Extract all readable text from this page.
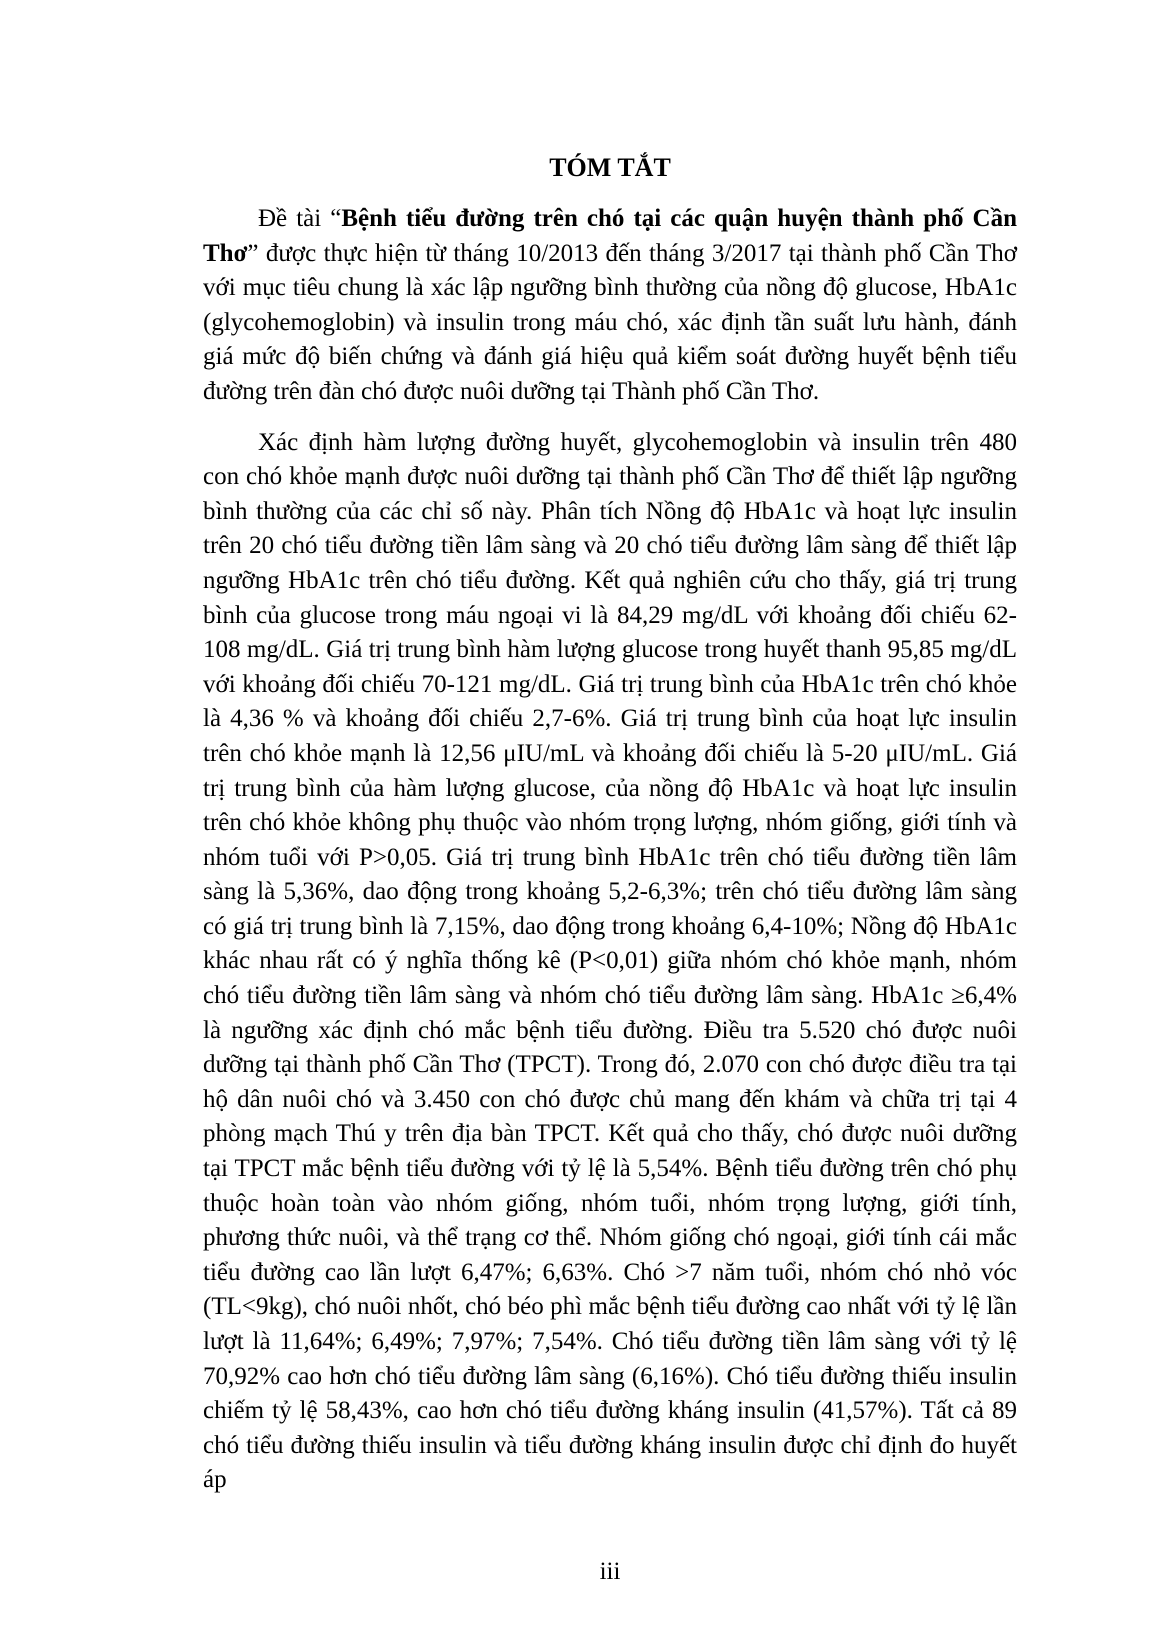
TÓM TẮT

Đề tài “Bệnh tiểu đường trên chó tại các quận huyện thành phố Cần Thơ” được thực hiện từ tháng 10/2013 đến tháng 3/2017 tại thành phố Cần Thơ với mục tiêu chung là xác lập ngưỡng bình thường của nồng độ glucose, HbA1c (glycohemoglobin) và insulin trong máu chó, xác định tần suất lưu hành, đánh giá mức độ biến chứng và đánh giá hiệu quả kiểm soát đường huyết bệnh tiểu đường trên đàn chó được nuôi dưỡng tại Thành phố Cần Thơ.

Xác định hàm lượng đường huyết, glycohemoglobin và insulin trên 480 con chó khỏe mạnh được nuôi dưỡng tại thành phố Cần Thơ để thiết lập ngưỡng bình thường của các chỉ số này. Phân tích Nồng độ HbA1c và hoạt lực insulin trên 20 chó tiểu đường tiền lâm sàng và 20 chó tiểu đường lâm sàng để thiết lập ngưỡng HbA1c trên chó tiểu đường. Kết quả nghiên cứu cho thấy, giá trị trung bình của glucose trong máu ngoại vi là 84,29 mg/dL với khoảng đối chiếu 62-108 mg/dL. Giá trị trung bình hàm lượng glucose trong huyết thanh 95,85 mg/dL với khoảng đối chiếu 70-121 mg/dL. Giá trị trung bình của HbA1c trên chó khỏe là 4,36 % và khoảng đối chiếu 2,7-6%. Giá trị trung bình của hoạt lực insulin trên chó khỏe mạnh là 12,56 μIU/mL và khoảng đối chiếu là 5-20 μIU/mL. Giá trị trung bình của hàm lượng glucose, của nồng độ HbA1c và hoạt lực insulin trên chó khỏe không phụ thuộc vào nhóm trọng lượng, nhóm giống, giới tính và nhóm tuổi với P>0,05. Giá trị trung bình HbA1c trên chó tiểu đường tiền lâm sàng là 5,36%, dao động trong khoảng 5,2-6,3%; trên chó tiểu đường lâm sàng có giá trị trung bình là 7,15%, dao động trong khoảng 6,4-10%; Nồng độ HbA1c khác nhau rất có ý nghĩa thống kê (P<0,01) giữa nhóm chó khỏe mạnh, nhóm chó tiểu đường tiền lâm sàng và nhóm chó tiểu đường lâm sàng. HbA1c ≥6,4% là ngưỡng xác định chó mắc bệnh tiểu đường. Điều tra 5.520 chó được nuôi dưỡng tại thành phố Cần Thơ (TPCT). Trong đó, 2.070 con chó được điều tra tại hộ dân nuôi chó và 3.450 con chó được chủ mang đến khám và chữa trị tại 4 phòng mạch Thú y trên địa bàn TPCT. Kết quả cho thấy, chó được nuôi dưỡng tại TPCT mắc bệnh tiểu đường với tỷ lệ là 5,54%. Bệnh tiểu đường trên chó phụ thuộc hoàn toàn vào nhóm giống, nhóm tuổi, nhóm trọng lượng, giới tính, phương thức nuôi, và thể trạng cơ thể. Nhóm giống chó ngoại, giới tính cái mắc tiểu đường cao lần lượt 6,47%; 6,63%. Chó >7 năm tuổi, nhóm chó nhỏ vóc (TL<9kg), chó nuôi nhốt, chó béo phì mắc bệnh tiểu đường cao nhất với tỷ lệ lần lượt là 11,64%; 6,49%; 7,97%; 7,54%. Chó tiểu đường tiền lâm sàng với tỷ lệ 70,92% cao hơn chó tiểu đường lâm sàng (6,16%). Chó tiểu đường thiếu insulin chiếm tỷ lệ 58,43%, cao hơn chó tiểu đường kháng insulin (41,57%). Tất cả 89 chó tiểu đường thiếu insulin và tiểu đường kháng insulin được chỉ định đo huyết áp

iii
